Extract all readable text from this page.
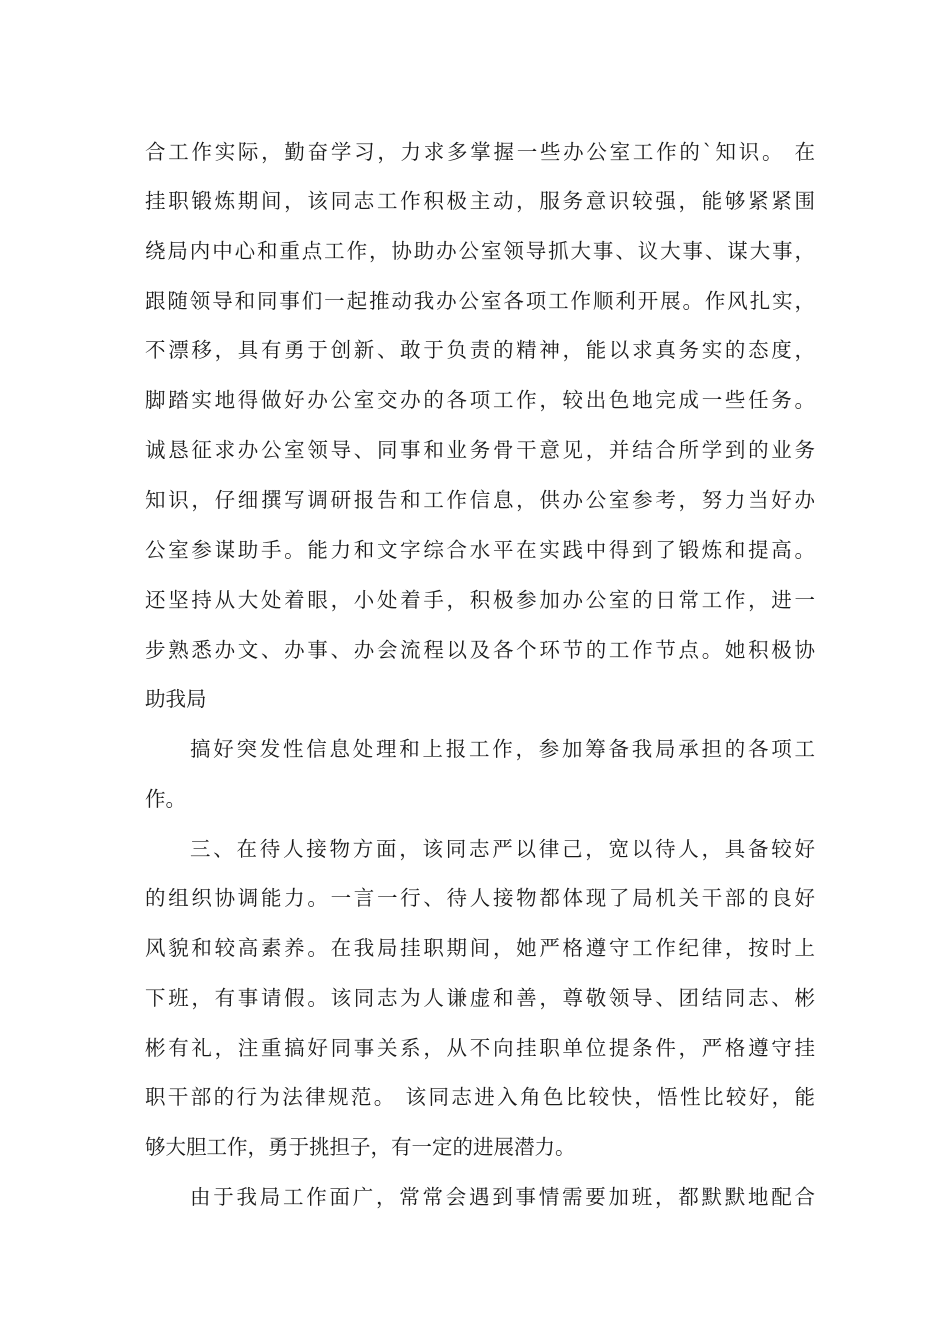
合工作实际，勤奋学习，力求多掌握一些办公室工作的`知识。 在
挂职锻炼期间，该同志工作积极主动，服务意识较强，能够紧紧围
绕局内中心和重点工作，协助办公室领导抓大事、议大事、谋大事，
跟随领导和同事们一起推动我办公室各项工作顺利开展。作风扎实，
不漂移，具有勇于创新、敢于负责的精神，能以求真务实的态度，
脚踏实地得做好办公室交办的各项工作，较出色地完成一些任务。
诚恳征求办公室领导、同事和业务骨干意见，并结合所学到的业务
知识，仔细撰写调研报告和工作信息，供办公室参考，努力当好办
公室参谋助手。能力和文字综合水平在实践中得到了锻炼和提高。
还坚持从大处着眼，小处着手，积极参加办公室的日常工作，进一
步熟悉办文、办事、办会流程以及各个环节的工作节点。她积极协
助我局
搞好突发性信息处理和上报工作，参加筹备我局承担的各项工
作。
三、在待人接物方面，该同志严以律己，宽以待人，具备较好
的组织协调能力。一言一行、待人接物都体现了局机关干部的良好
风貌和较高素养。在我局挂职期间，她严格遵守工作纪律，按时上
下班，有事请假。该同志为人谦虚和善，尊敬领导、团结同志、彬
彬有礼，注重搞好同事关系，从不向挂职单位提条件，严格遵守挂
职干部的行为法律规范。 该同志进入角色比较快，悟性比较好，能
够大胆工作，勇于挑担子，有一定的进展潜力。
由于我局工作面广，常常会遇到事情需要加班，都默默地配合
